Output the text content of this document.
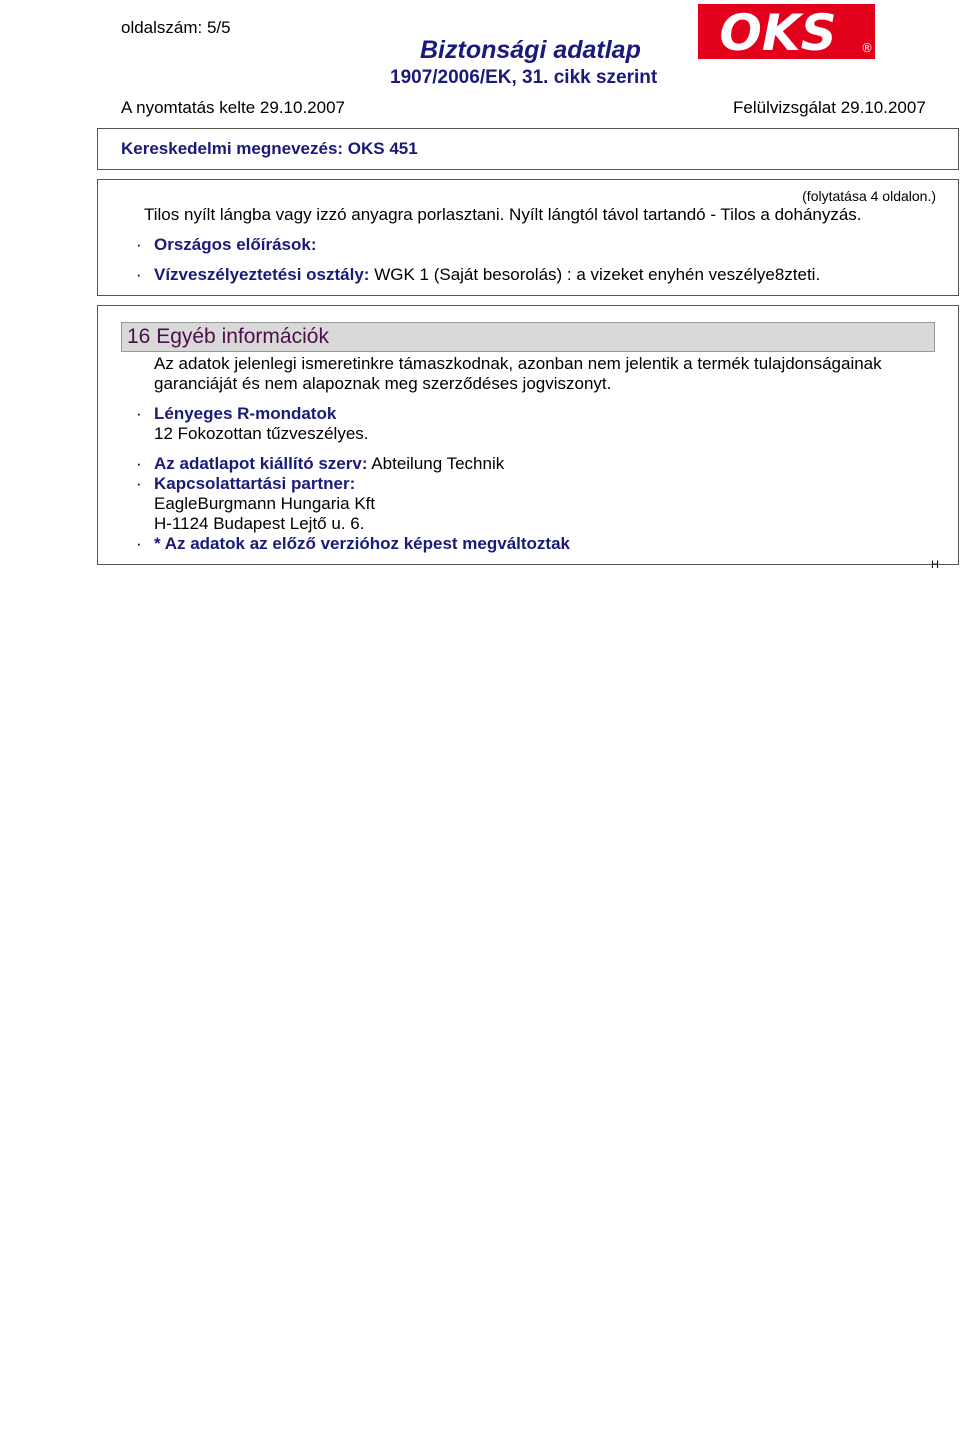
oldalszám: 5/5
Biztonsági adatlap
1907/2006/EK, 31. cikk szerint
OKS ®
A nyomtatás kelte 29.10.2007	Felülvizsgálat 29.10.2007
Kereskedelmi megnevezés: OKS 451
(folytatása 4 oldalon.)
Tilos nyílt lángba vagy izzó anyagra porlasztani. Nyílt lángtól távol tartandó - Tilos a dohányzás.
· Országos előírások:
· Vízveszélyeztetési osztály: WGK 1 (Saját besorolás) : a vizeket enyhén veszélye8zteti.
16 Egyéb információk
Az adatok jelenlegi ismeretinkre támaszkodnak, azonban nem jelentik a termék tulajdonságainak
garanciáját és nem alapoznak meg szerződéses jogviszonyt.
· Lényeges R-mondatok
12 Fokozottan tűzveszélyes.
· Az adatlapot kiállító szerv: Abteilung Technik
· Kapcsolattartási partner:
EagleBurgmann Hungaria Kft
H-1124 Budapest Lejtő u. 6.
· * Az adatok az előző verzióhoz képest megváltoztak
H
